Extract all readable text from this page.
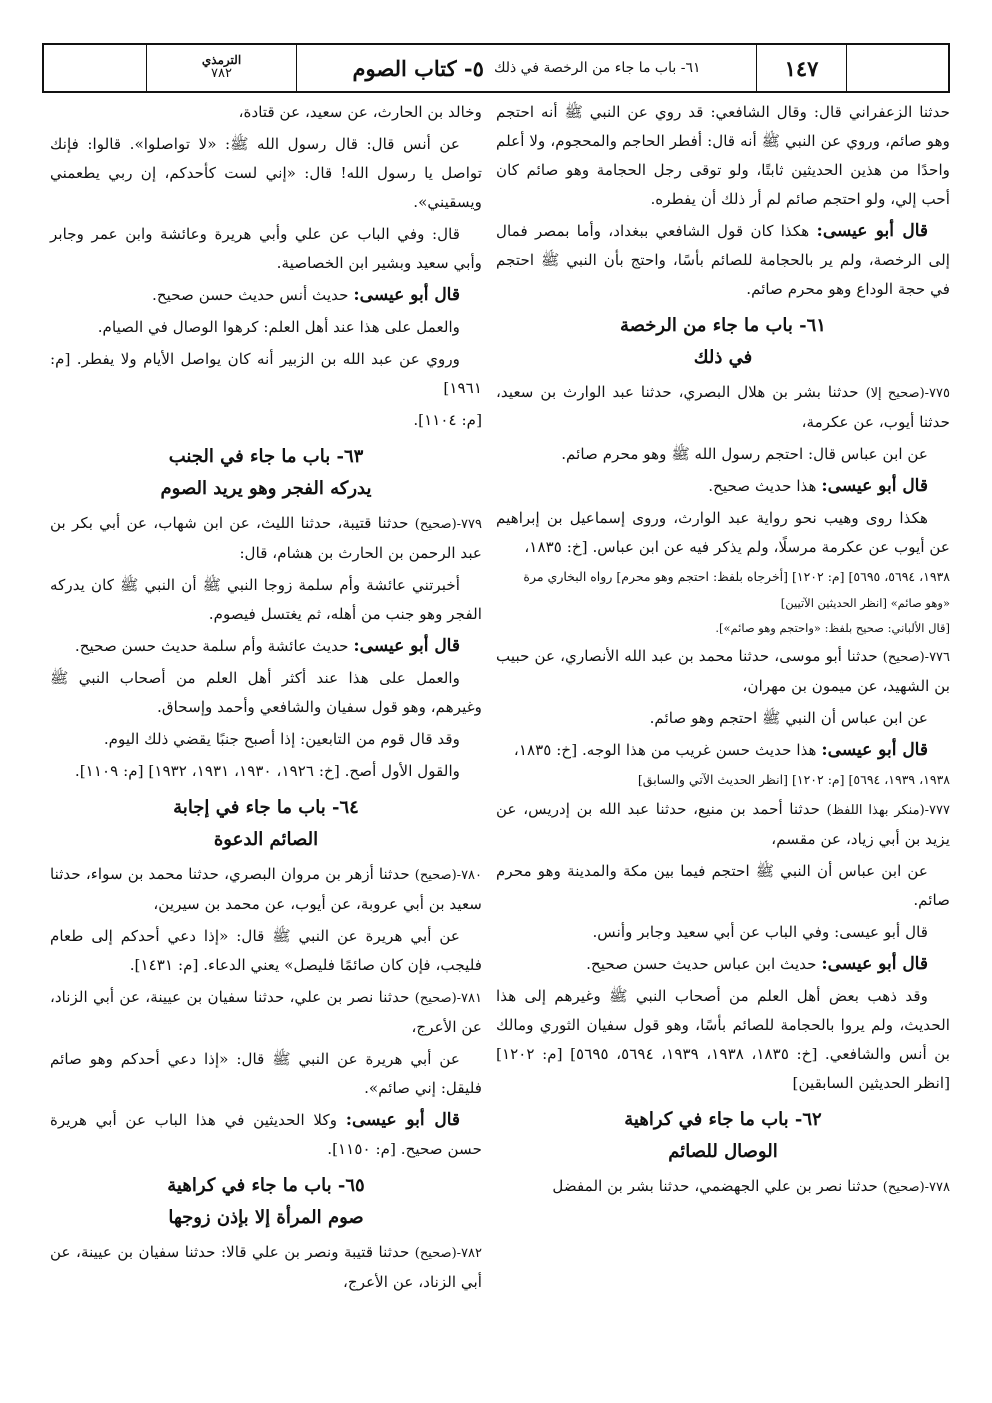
١٤٧
٥- كتاب الصوم ٦١- باب ما جاء من الرخصة في ذلك
الترمذي
٧٨٢

حدثنا الزعفراني قال: وقال الشافعي: قد روي عن النبي ﷺ أنه احتجم وهو صائم، وروي عن النبي ﷺ أنه قال: أفطر الحاجم والمحجوم، ولا أعلم واحدًا من هذين الحديثين ثابتًا، ولو توقى رجل الحجامة وهو صائم كان أحب إلي، ولو احتجم صائم لم أر ذلك أن يفطره.

قال أبو عيسى: هكذا كان قول الشافعي ببغداد، وأما بمصر فمال إلى الرخصة، ولم ير بالحجامة للصائم بأسًا، واحتج بأن النبي ﷺ احتجم في حجة الوداع وهو محرم صائم.

٦١- باب ما جاء من الرخصة
في ذلك

٧٧٥-(صحيح إلا) حدثنا بشر بن هلال البصري، حدثنا عبد الوارث بن سعيد، حدثنا أيوب، عن عكرمة،

عن ابن عباس قال: احتجم رسول الله ﷺ وهو محرم صائم.

قال أبو عيسى: هذا حديث صحيح.

هكذا روى وهيب نحو رواية عبد الوارث، وروى إسماعيل بن إبراهيم عن أيوب عن عكرمة مرسلًا، ولم يذكر فيه عن ابن عباس. [خ: ١٨٣٥،

١٩٣٨، ٥٦٩٤، ٥٦٩٥] [م: ١٢٠٢] [أخرجاه بلفظ: احتجم وهو محرم] رواه البخاري مرة

«وهو صائم» [انظر الحديثين الآتيين]

[قال الألباني: صحيح بلفظ: «واحتجم وهو صائم»].

٧٧٦-(صحيح) حدثنا أبو موسى، حدثنا محمد بن عبد الله الأنصاري، عن حبيب بن الشهيد، عن ميمون بن مهران،

عن ابن عباس أن النبي ﷺ احتجم وهو صائم.

قال أبو عيسى: هذا حديث حسن غريب من هذا الوجه. [خ: ١٨٣٥،

١٩٣٨، ١٩٣٩، ٥٦٩٤] [م: ١٢٠٢] [انظر الحديث الآتي والسابق]

٧٧٧-(منكر بهذا اللفظ) حدثنا أحمد بن منيع، حدثنا عبد الله بن إدريس، عن يزيد بن أبي زياد، عن مقسم،

عن ابن عباس أن النبي ﷺ احتجم فيما بين مكة والمدينة وهو محرم صائم.

قال أبو عيسى: وفي الباب عن أبي سعيد وجابر وأنس.

قال أبو عيسى: حديث ابن عباس حديث حسن صحيح.

وقد ذهب بعض أهل العلم من أصحاب النبي ﷺ وغيرهم إلى هذا الحديث، ولم يروا بالحجامة للصائم بأسًا، وهو قول سفيان الثوري ومالك بن أنس والشافعي. [خ: ١٨٣٥، ١٩٣٨، ١٩٣٩، ٥٦٩٤، ٥٦٩٥] [م: ١٢٠٢] [انظر الحديثين السابقين]

٦٢- باب ما جاء في كراهية
الوصال للصائم

٧٧٨-(صحيح) حدثنا نصر بن علي الجهضمي، حدثنا بشر بن المفضل

وخالد بن الحارث، عن سعيد، عن قتادة،

عن أنس قال: قال رسول الله ﷺ: «لا تواصلوا». قالوا: فإنك تواصل يا رسول الله! قال: «إني لست كأحدكم، إن ربي يطعمني ويسقيني».

قال: وفي الباب عن علي وأبي هريرة وعائشة وابن عمر وجابر وأبي سعيد وبشير ابن الخصاصية.

قال أبو عيسى: حديث أنس حديث حسن صحيح.

والعمل على هذا عند أهل العلم: كرهوا الوصال في الصيام.

وروي عن عبد الله بن الزبير أنه كان يواصل الأيام ولا يفطر. [م: ١٩٦١]

[م: ١١٠٤].

٦٣- باب ما جاء في الجنب
يدركه الفجر وهو يريد الصوم

٧٧٩-(صحيح) حدثنا قتيبة، حدثنا الليث، عن ابن شهاب، عن أبي بكر بن عبد الرحمن بن الحارث بن هشام، قال:

أخبرتني عائشة وأم سلمة زوجا النبي ﷺ أن النبي ﷺ كان يدركه الفجر وهو جنب من أهله، ثم يغتسل فيصوم.

قال أبو عيسى: حديث عائشة وأم سلمة حديث حسن صحيح.

والعمل على هذا عند أكثر أهل العلم من أصحاب النبي ﷺ وغيرهم، وهو قول سفيان والشافعي وأحمد وإسحاق.

وقد قال قوم من التابعين: إذا أصبح جنبًا يقضي ذلك اليوم.

والقول الأول أصح. [خ: ١٩٢٦، ١٩٣٠، ١٩٣١، ١٩٣٢] [م: ١١٠٩].

٦٤- باب ما جاء في إجابة
الصائم الدعوة

٧٨٠-(صحيح) حدثنا أزهر بن مروان البصري، حدثنا محمد بن سواء، حدثنا سعيد بن أبي عروبة، عن أيوب، عن محمد بن سيرين،

عن أبي هريرة عن النبي ﷺ قال: «إذا دعي أحدكم إلى طعام فليجب، فإن كان صائمًا فليصل» يعني الدعاء. [م: ١٤٣١].

٧٨١-(صحيح) حدثنا نصر بن علي، حدثنا سفيان بن عيينة، عن أبي الزناد، عن الأعرج،

عن أبي هريرة عن النبي ﷺ قال: «إذا دعي أحدكم وهو صائم فليقل: إني صائم».

قال أبو عيسى: وكلا الحديثين في هذا الباب عن أبي هريرة حسن صحيح. [م: ١١٥٠].

٦٥- باب ما جاء في كراهية
صوم المرأة إلا بإذن زوجها

٧٨٢-(صحيح) حدثنا قتيبة ونصر بن علي قالا: حدثنا سفيان بن عيينة، عن أبي الزناد، عن الأعرج،
